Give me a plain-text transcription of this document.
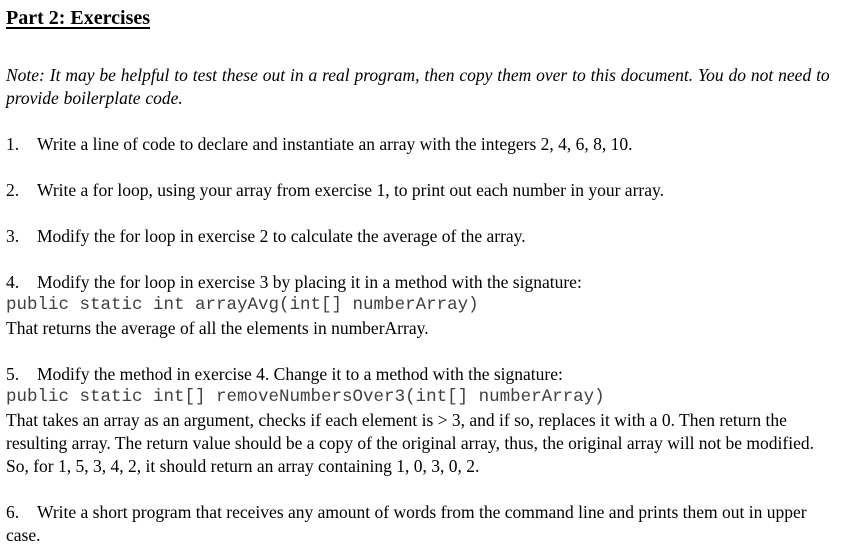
Part 2: Exercises
Note: It may be helpful to test these out in a real program, then copy them over to this document. You do not need to provide boilerplate code.
1. Write a line of code to declare and instantiate an array with the integers 2, 4, 6, 8, 10.
2. Write a for loop, using your array from exercise 1, to print out each number in your array.
3. Modify the for loop in exercise 2 to calculate the average of the array.
4. Modify the for loop in exercise 3 by placing it in a method with the signature:
public static int arrayAvg(int[] numberArray)
That returns the average of all the elements in numberArray.
5. Modify the method in exercise 4. Change it to a method with the signature:
public static int[] removeNumbersOver3(int[] numberArray)
That takes an array as an argument, checks if each element is > 3, and if so, replaces it with a 0. Then return the resulting array. The return value should be a copy of the original array, thus, the original array will not be modified. So, for 1, 5, 3, 4, 2, it should return an array containing 1, 0, 3, 0, 2.
6. Write a short program that receives any amount of words from the command line and prints them out in upper case.
